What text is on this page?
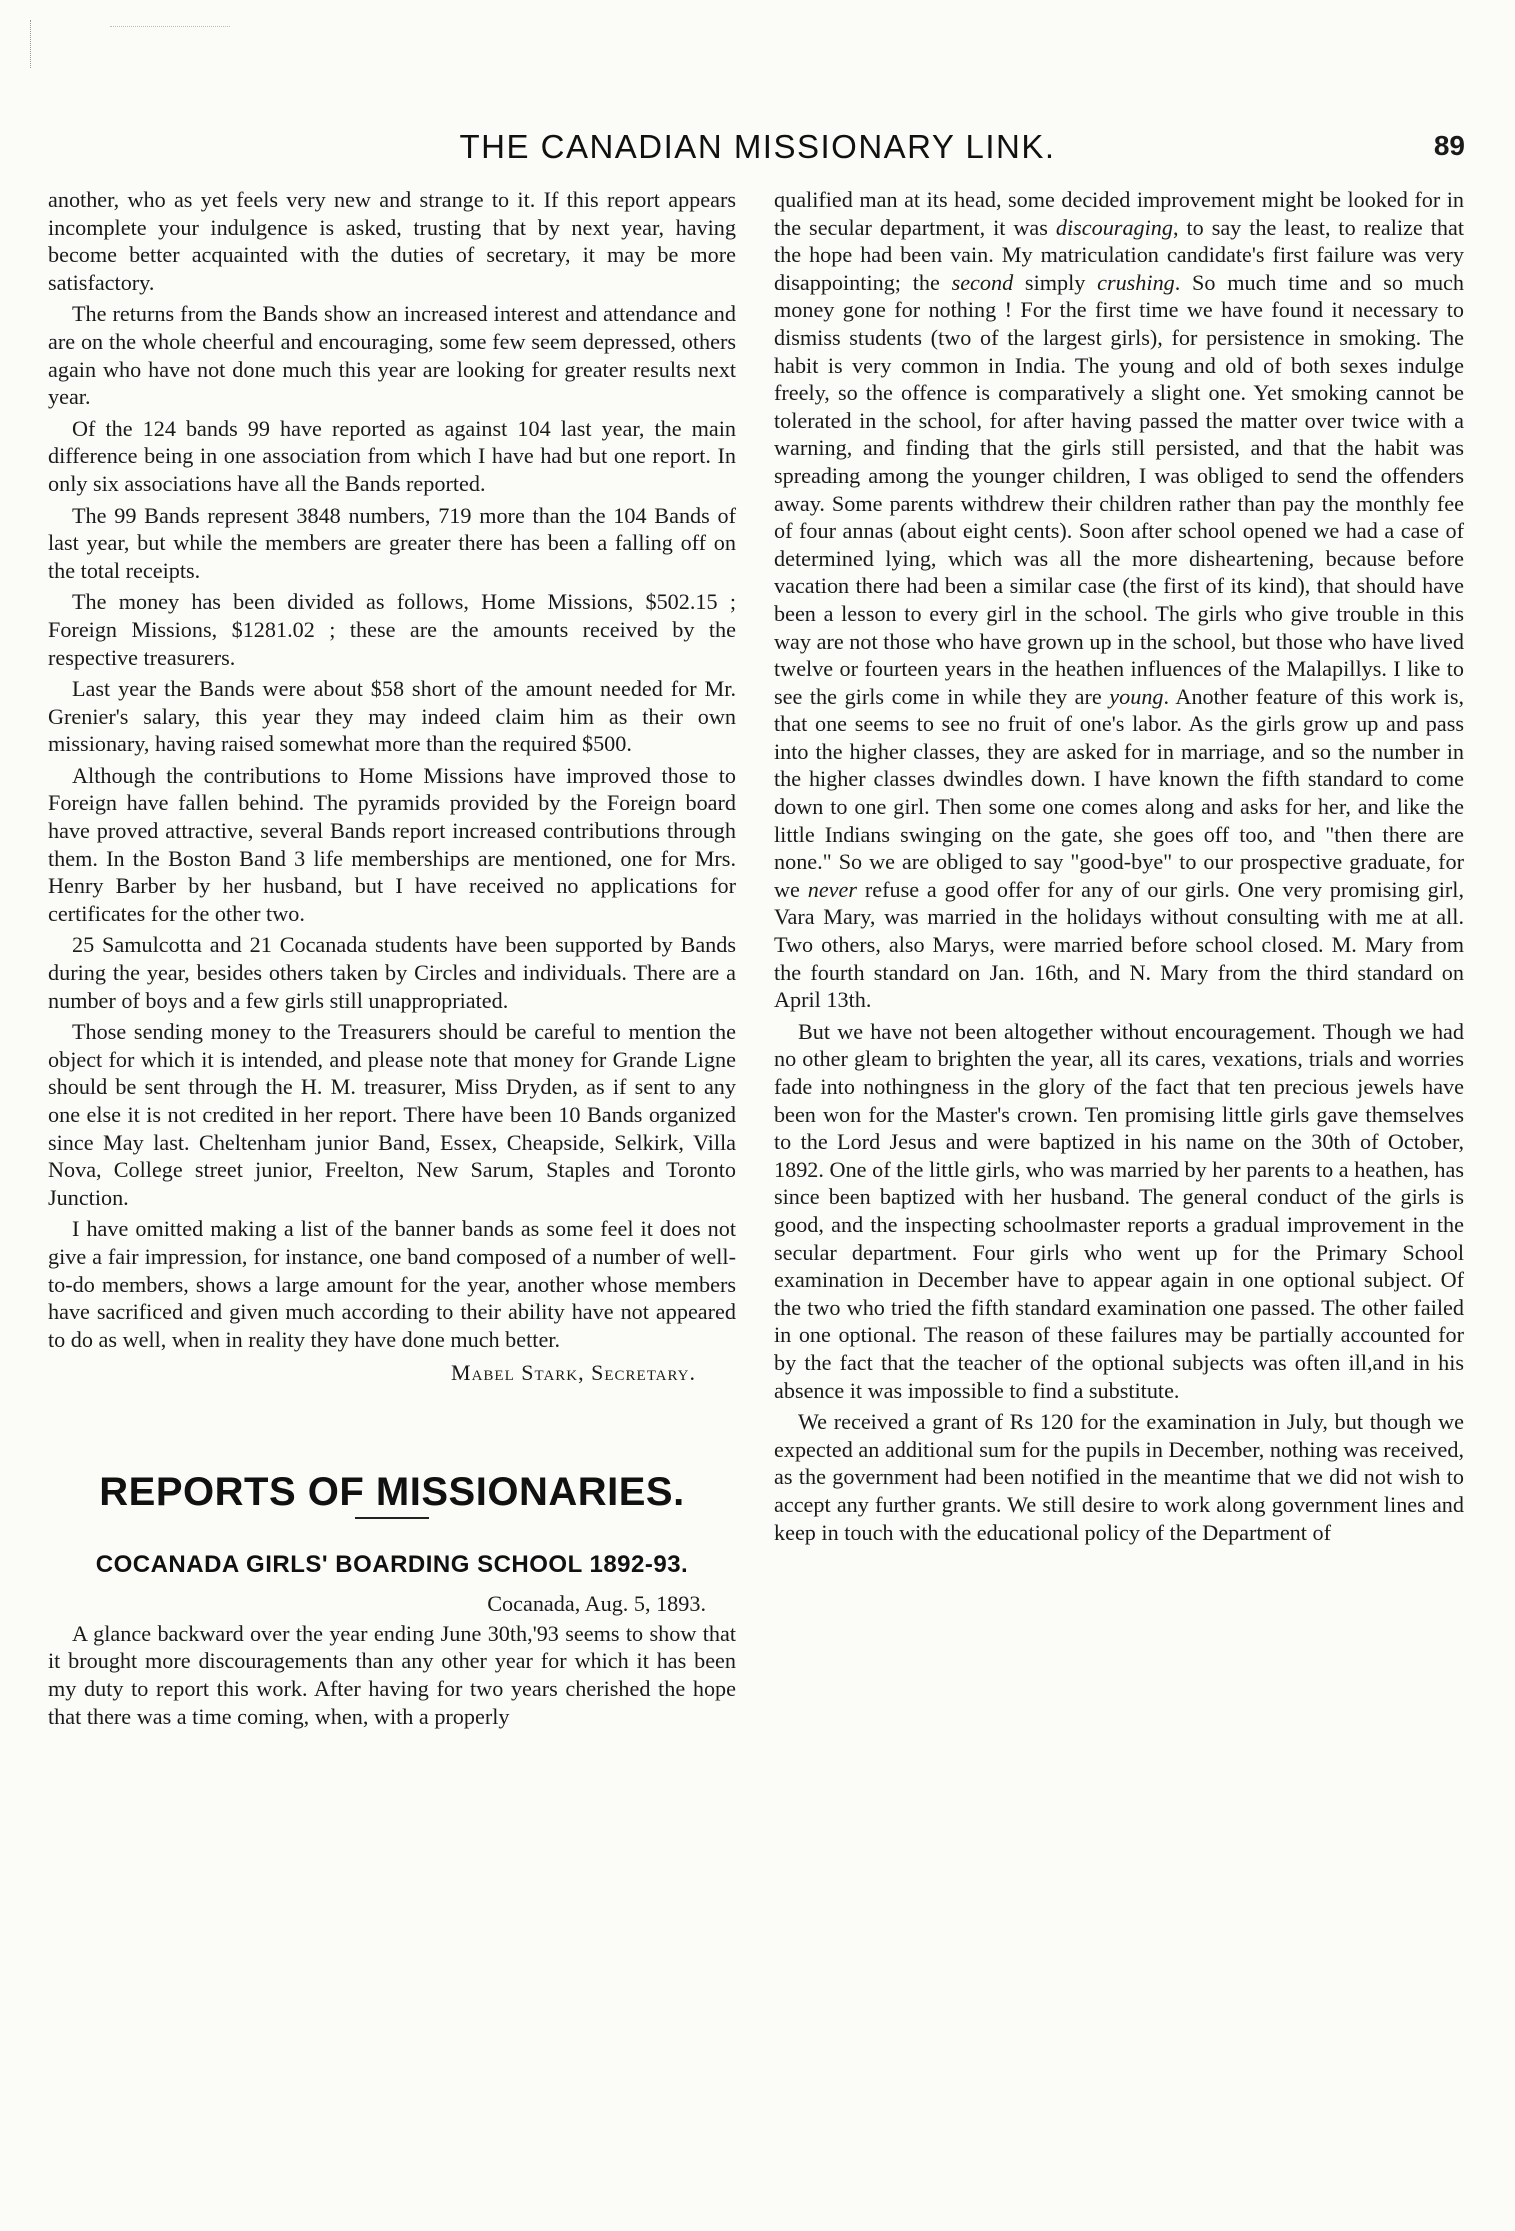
THE CANADIAN MISSIONARY LINK.	89

another, who as yet feels very new and strange to it. If this report appears incomplete your indulgence is asked, trusting that by next year, having become better acquainted with the duties of secretary, it may be more satisfactory.

The returns from the Bands show an increased interest and attendance and are on the whole cheerful and encouraging, some few seem depressed, others again who have not done much this year are looking for greater results next year.

Of the 124 bands 99 have reported as against 104 last year, the main difference being in one association from which I have had but one report. In only six associations have all the Bands reported.

The 99 Bands represent 3848 numbers, 719 more than the 104 Bands of last year, but while the members are greater there has been a falling off on the total receipts.

The money has been divided as follows, Home Missions, $502.15 ; Foreign Missions, $1281.02 ; these are the amounts received by the respective treasurers.

Last year the Bands were about $58 short of the amount needed for Mr. Grenier's salary, this year they may indeed claim him as their own missionary, having raised somewhat more than the required $500.

Although the contributions to Home Missions have improved those to Foreign have fallen behind. The pyramids provided by the Foreign board have proved attractive, several Bands report increased contributions through them. In the Boston Band 3 life memberships are mentioned, one for Mrs. Henry Barber by her husband, but I have received no applications for certificates for the other two.

25 Samulcotta and 21 Cocanada students have been supported by Bands during the year, besides others taken by Circles and individuals. There are a number of boys and a few girls still unappropriated.

Those sending money to the Treasurers should be careful to mention the object for which it is intended, and please note that money for Grande Ligne should be sent through the H. M. treasurer, Miss Dryden, as if sent to any one else it is not credited in her report. There have been 10 Bands organized since May last. Cheltenham junior Band, Essex, Cheapside, Selkirk, Villa Nova, College street junior, Freelton, New Sarum, Staples and Toronto Junction.

I have omitted making a list of the banner bands as some feel it does not give a fair impression, for instance, one band composed of a number of well-to-do members, shows a large amount for the year, another whose members have sacrificed and given much according to their ability have not appeared to do as well, when in reality they have done much better.

Mabel Stark, Secretary.
REPORTS OF MISSIONARIES.
COCANADA GIRLS' BOARDING SCHOOL 1892-93.
Cocanada, Aug. 5, 1893.

A glance backward over the year ending June 30th,'93 seems to show that it brought more discouragements than any other year for which it has been my duty to report this work. After having for two years cherished the hope that there was a time coming, when, with a properly

qualified man at its head, some decided improvement might be looked for in the secular department, it was discouraging, to say the least, to realize that the hope had been vain. My matriculation candidate's first failure was very disappointing; the second simply crushing. So much time and so much money gone for nothing ! For the first time we have found it necessary to dismiss students (two of the largest girls), for persistence in smoking. The habit is very common in India. The young and old of both sexes indulge freely, so the offence is comparatively a slight one. Yet smoking cannot be tolerated in the school, for after having passed the matter over twice with a warning, and finding that the girls still persisted, and that the habit was spreading among the younger children, I was obliged to send the offenders away. Some parents withdrew their children rather than pay the monthly fee of four annas (about eight cents). Soon after school opened we had a case of determined lying, which was all the more disheartening, because before vacation there had been a similar case (the first of its kind), that should have been a lesson to every girl in the school. The girls who give trouble in this way are not those who have grown up in the school, but those who have lived twelve or fourteen years in the heathen influences of the Malapillys. I like to see the girls come in while they are young. Another feature of this work is, that one seems to see no fruit of one's labor. As the girls grow up and pass into the higher classes, they are asked for in marriage, and so the number in the higher classes dwindles down. I have known the fifth standard to come down to one girl. Then some one comes along and asks for her, and like the little Indians swinging on the gate, she goes off too, and "then there are none." So we are obliged to say "good-bye" to our prospective graduate, for we never refuse a good offer for any of our girls. One very promising girl, Vara Mary, was married in the holidays without consulting with me at all. Two others, also Marys, were married before school closed. M. Mary from the fourth standard on Jan. 16th, and N. Mary from the third standard on April 13th.

But we have not been altogether without encouragement. Though we had no other gleam to brighten the year, all its cares, vexations, trials and worries fade into nothingness in the glory of the fact that ten precious jewels have been won for the Master's crown. Ten promising little girls gave themselves to the Lord Jesus and were baptized in his name on the 30th of October, 1892. One of the little girls, who was married by her parents to a heathen, has since been baptized with her husband. The general conduct of the girls is good, and the inspecting schoolmaster reports a gradual improvement in the secular department. Four girls who went up for the Primary School examination in December have to appear again in one optional subject. Of the two who tried the fifth standard examination one passed. The other failed in one optional. The reason of these failures may be partially accounted for by the fact that the teacher of the optional subjects was often ill,and in his absence it was impossible to find a substitute.

We received a grant of Rs 120 for the examination in July, but though we expected an additional sum for the pupils in December, nothing was received, as the government had been notified in the meantime that we did not wish to accept any further grants. We still desire to work along government lines and keep in touch with the educational policy of the Department of
